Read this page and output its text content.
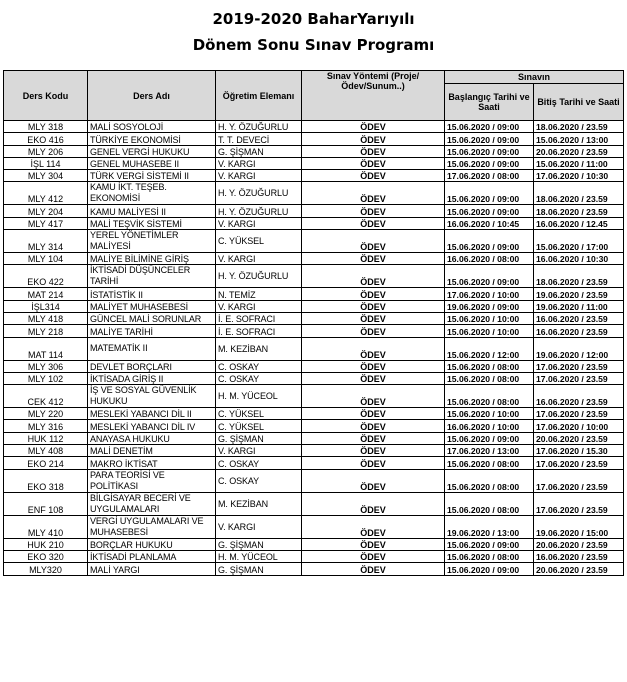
2019-2020 BaharYarıyılı
Dönem Sonu Sınav Programı

Ders Kodu	Ders Adı	Öğretim Elemanı	Sınav Yöntemi (Proje/Ödev/Sunum..)	Sınavın	
				Başlangıç Tarihi ve Saati	Bitiş Tarihi ve Saati
MLY 318	MALİ SOSYOLOJİ	H. Y. ÖZUĞURLU	ÖDEV	15.06.2020 / 09:00	18.06.2020 / 23.59
EKO 416	TÜRKİYE EKONOMİSİ	T. T. DEVECİ	ÖDEV	15.06.2020 / 09:00	15.06.2020 / 13:00
MLY 206	GENEL VERGİ HUKUKU	G. ŞİŞMAN	ÖDEV	15.06.2020 / 09:00	20.06.2020 / 23.59
İŞL 114	GENEL MUHASEBE II	V. KARGI	ÖDEV	15.06.2020 / 09:00	15.06.2020 / 11:00
MLY 304	TÜRK VERGİ SİSTEMİ II	V. KARGI	ÖDEV	17.06.2020 / 08:00	17.06.2020 / 10:30
MLY 412	KAMU İKT. TEŞEB. EKONOMİSİ	H. Y. ÖZUĞURLU	ÖDEV	15.06.2020 / 09:00	18.06.2020 / 23.59
MLY 204	KAMU MALİYESİ II	H. Y. ÖZUĞURLU	ÖDEV	15.06.2020 / 09:00	18.06.2020 / 23.59
MLY 417	MALİ TEŞVİK SİSTEMİ	V. KARGI	ÖDEV	16.06.2020 / 10:45	16.06.2020 / 12.45
MLY 314	YEREL YÖNETİMLER MALİYESİ	C. YÜKSEL	ÖDEV	15.06.2020 / 09:00	15.06.2020 / 17:00
MLY 104	MALİYE BİLİMİNE GİRİŞ	V. KARGI	ÖDEV	16.06.2020 / 08:00	16.06.2020 / 10:30
EKO 422	İKTİSADİ DÜŞÜNCELER TARİHİ	H. Y. ÖZUĞURLU	ÖDEV	15.06.2020 / 09:00	18.06.2020 / 23.59
MAT 214	İSTATİSTİK II	N. TEMİZ	ÖDEV	17.06.2020 / 10:00	19.06.2020 / 23.59
İŞL314	MALİYET MUHASEBESİ	V. KARGI	ÖDEV	19.06.2020 / 09:00	19.06.2020 / 11:00
MLY 418	GÜNCEL MALİ SORUNLAR	İ. E. SOFRACI	ÖDEV	15.06.2020 / 10:00	16.06.2020 / 23.59
MLY 218	MALİYE TARİHİ	İ. E. SOFRACI	ÖDEV	15.06.2020 / 10:00	16.06.2020 / 23.59
MAT 114	MATEMATİK II	M. KEZİBAN	ÖDEV	15.06.2020 / 12:00	19.06.2020 / 12:00
MLY 306	DEVLET BORÇLARI	C. OSKAY	ÖDEV	15.06.2020 / 08:00	17.06.2020 / 23.59
MLY 102	İKTİSADA GİRİŞ II	C. OSKAY	ÖDEV	15.06.2020 / 08:00	17.06.2020 / 23.59
CEK 412	İŞ VE SOSYAL GÜVENLİK HUKUKU	H. M. YÜCEOL	ÖDEV	15.06.2020 / 08:00	16.06.2020 / 23.59
MLY 220	MESLEKİ YABANCI DİL II	C. YÜKSEL	ÖDEV	15.06.2020 / 10:00	17.06.2020 / 23.59
MLY 316	MESLEKİ YABANCI DİL IV	C. YÜKSEL	ÖDEV	16.06.2020 / 10:00	17.06.2020 / 10:00
HUK 112	ANAYASA HUKUKU	G. ŞİŞMAN	ÖDEV	15.06.2020 / 09:00	20.06.2020 / 23.59
MLY 408	MALİ DENETİM	V. KARGI	ÖDEV	17.06.2020 / 13:00	17.06.2020 / 15.30
EKO 214	MAKRO İKTİSAT	C. OSKAY	ÖDEV	15.06.2020 / 08:00	17.06.2020 / 23.59
EKO 318	PARA TEORİSİ VE POLİTİKASI	C. OSKAY	ÖDEV	15.06.2020 / 08:00	17.06.2020 / 23.59
ENF 108	BİLGİSAYAR BECERİ VE UYGULAMALARI	M. KEZİBAN	ÖDEV	15.06.2020 / 08:00	17.06.2020 / 23.59
MLY 410	VERGİ UYGULAMALARI VE MUHASEBESİ	V. KARGI	ÖDEV	19.06.2020 / 13:00	19.06.2020 / 15:00
HUK 210	BORÇLAR HUKUKU	G. ŞİŞMAN	ÖDEV	15.06.2020 / 09:00	20.06.2020 / 23.59
EKO 320	İKTİSADİ PLANLAMA	H. M. YÜCEOL	ÖDEV	15.06.2020 / 08:00	16.06.2020 / 23.59
MLY320	MALİ YARGI	G. ŞİŞMAN	ÖDEV	15.06.2020 / 09:00	20.06.2020 / 23.59
